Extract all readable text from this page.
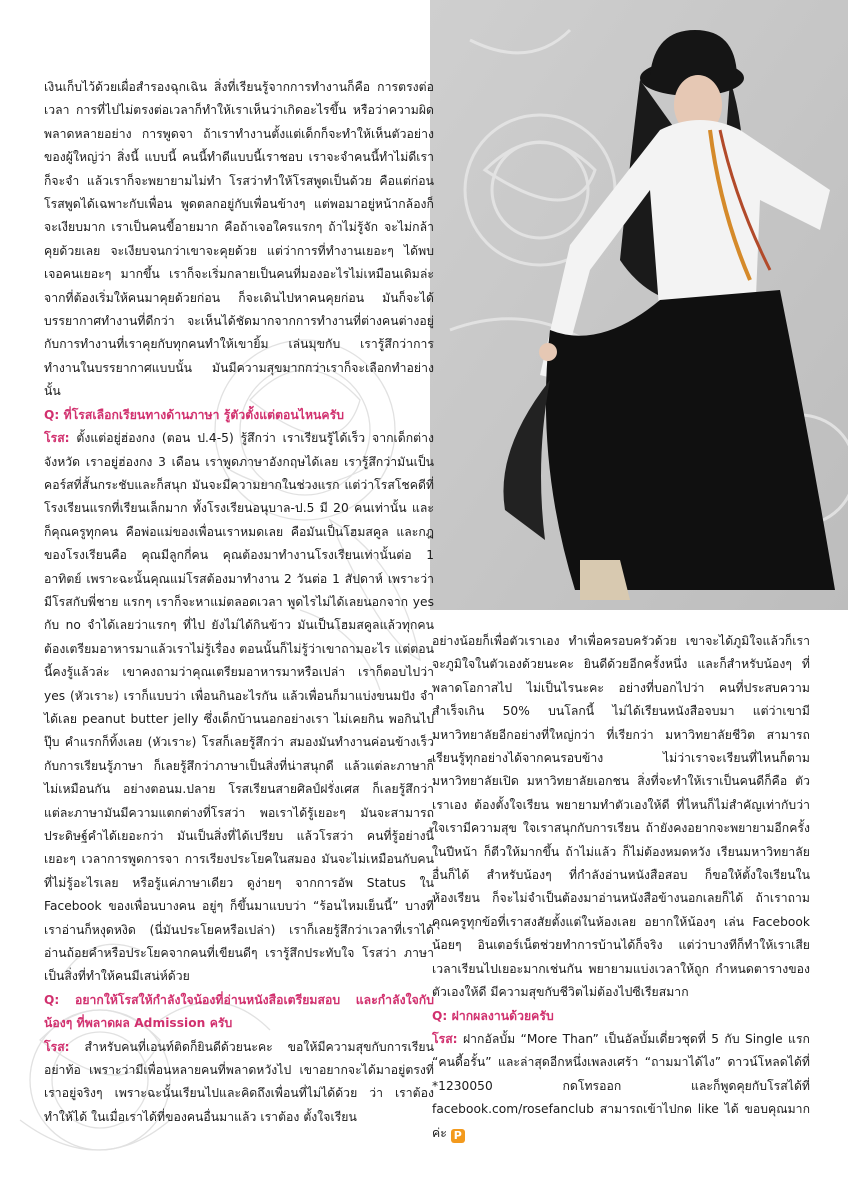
เงินเก็บไว้ด้วยเผื่อสำรองฉุกเฉิน สิ่งที่เรียนรู้จากการทำงานก็คือ การตรงต่อเวลา การที่ไปไม่ตรงต่อเวลาก็ทำให้เราเห็นว่าเกิดอะไรขึ้น หรือว่าความผิดพลาดหลายอย่าง การพูดจา ถ้าเราทำงานตั้งแต่เด็กก็จะทำให้เห็นตัวอย่างของผู้ใหญ่ว่า สิ่งนี้ แบบนี้ คนนี้ทำดีแบบนี้เราชอบ เราจะจำคนนี้ทำไม่ดีเราก็จะจำ แล้วเราก็จะพยายามไม่ทำ โรสว่าทำให้โรสพูดเป็นด้วย คือแต่ก่อนโรสพูดได้เฉพาะกับเพื่อน พูดตลกอยู่กับเพื่อนข้างๆ แต่พอมาอยู่หน้ากล้องก็จะเงียบมาก เราเป็นคนขี้อายมาก คือถ้าเจอใครแรกๆ ถ้าไม่รู้จัก จะไม่กล้าคุยด้วยเลย จะเงียบจนกว่าเขาจะคุยด้วย แต่ว่าการที่ทำงานเยอะๆ ได้พบเจอคนเยอะๆ มากขึ้น เราก็จะเริ่มกลายเป็นคนที่มองอะไรไม่เหมือนเดิมล่ะ จากที่ต้องเริ่มให้คนมาคุยด้วยก่อน ก็จะเดินไปหาคนคุยก่อน มันก็จะได้บรรยากาศทำงานที่ดีกว่า จะเห็นได้ชัดมากจากการทำงานที่ต่างคนต่างอยู่กับการทำงานที่เราคุยกับทุกคนทำให้เขายิ้ม เล่นมุขกับ เรารู้สึกว่าการทำงานในบรรยากาศแบบนั้น มันมีความสุขมากกว่าเราก็จะเลือกทำอย่างนั้น

Q: ที่โรสเลือกเรียนทางด้านภาษา รู้ตัวตั้งแต่ตอนไหนครับ

โรส: ตั้งแต่อยู่ฮ่องกง (ตอน ป.4-5) รู้สึกว่า เราเรียนรู้ได้เร็ว จากเด็กต่างจังหวัด เราอยู่ฮ่องกง 3 เดือน เราพูดภาษาอังกฤษได้เลย เรารู้สึกว่ามันเป็นคอร์สที่สั้นกระชับและก็สนุก มันจะมีความยากในช่วงแรก แต่ว่าโรสโชคดีที่โรงเรียนแรกที่เรียนเล็กมาก ทั้งโรงเรียนอนุบาล-ป.5 มี 20 คนเท่านั้น และก็คุณครูทุกคน คือพ่อแม่ของเพื่อนเราหมดเลย คือมันเป็นโฮมสคูล และกฎของโรงเรียนคือ คุณมีลูกกี่คน คุณต้องมาทำงานโรงเรียนเท่านั้นต่อ 1 อาทิตย์ เพราะฉะนั้นคุณแม่โรสต้องมาทำงาน 2 วันต่อ 1 สัปดาห์ เพราะว่ามีโรสกับพี่ชาย แรกๆ เราก็จะหาแม่ตลอดเวลา พูดไรไม่ได้เลยนอกจาก yes กับ no จำได้เลยว่าแรกๆ ที่ไป ยังไม่ได้กินข้าว มันเป็นโฮมสคูลแล้วทุกคนต้องเตรียมอาหารมาแล้วเราไม่รู้เรื่อง ตอนนั้นก็ไม่รู้ว่าเขาถามอะไร แต่ตอนนี้คงรู้แล้วล่ะ เขาคงถามว่าคุณเตรียมอาหารมาหรือเปล่า เราก็ตอบไปว่า yes (หัวเราะ) เราก็แบบว่า เพื่อนกินอะไรกัน แล้วเพื่อนก็มาแบ่งขนมปัง จำได้เลย peanut butter jelly ซึ่งเด็กบ้านนอกอย่างเรา ไม่เคยกิน พอกินไปปุ๊บ คำแรกก็ทิ้งเลย (หัวเราะ) โรสก็เลยรู้สึกว่า สมองมันทำงานค่อนข้างเร็วกับการเรียนรู้ภาษา ก็เลยรู้สึกว่าภาษาเป็นสิ่งที่น่าสนุกดี แล้วแต่ละภาษาก็ไม่เหมือนกัน อย่างตอนม.ปลาย โรสเรียนสายศิลป์ฝรั่งเศส ก็เลยรู้สึกว่าแต่ละภาษามันมีความแตกต่างที่โรสว่า พอเราได้รู้เยอะๆ มันจะสามารถประดิษฐ์คำได้เยอะกว่า มันเป็นสิ่งที่ได้เปรียบ แล้วโรสว่า คนที่รู้อย่างนี้เยอะๆ เวลาการพูดการจา การเรียงประโยคในสมอง มันจะไม่เหมือนกับคนที่ไม่รู้อะไรเลย หรือรู้แค่ภาษาเดียว ดูง่ายๆ จากการอัพ Status ใน Facebook ของเพื่อนบางคน อยู่ๆ ก็ขึ้นมาแบบว่า “ร้อนไหมเย็นนี้” บางทีเราอ่านก็หงุดหงิด (นี่มันประโยคหรือเปล่า) เราก็เลยรู้สึกว่าเวลาที่เราได้อ่านถ้อยคำหรือประโยคจากคนที่เขียนดีๆ เรารู้สึกประทับใจ โรสว่า ภาษาเป็นสิ่งที่ทำให้คนมีเสน่ห์ด้วย

Q: อยากให้โรสให้กำลังใจน้องที่อ่านหนังสือเตรียมสอบ และกำลังใจกับน้องๆ ที่พลาดผล Admission ครับ

โรส: สำหรับคนที่เอนท์ติดก็ยินดีด้วยนะคะ ขอให้มีความสุขกับการเรียน อย่าท้อ เพราะว่ามีเพื่อนหลายคนที่พลาดหวังไป เขาอยากจะได้มาอยู่ตรงที่เราอยู่จริงๆ เพราะฉะนั้นเรียนไปและคิดถึงเพื่อนที่ไม่ได้ด้วย ว่า เราต้องทำให้ได้ ในเมื่อเราได้ที่ของคนอื่นมาแล้ว เราต้อง ตั้งใจเรียน

อย่างน้อยก็เพื่อตัวเราเอง ทำเพื่อครอบครัวด้วย เขาจะได้ภูมิใจแล้วก็เราจะภูมิใจในตัวเองด้วยนะคะ ยินดีด้วยอีกครั้งหนึ่ง และก็สำหรับน้องๆ ที่พลาดโอกาสไป ไม่เป็นไรนะคะ อย่างที่บอกไปว่า คนที่ประสบความสำเร็จเกิน 50% บนโลกนี้ ไม่ได้เรียนหนังสือจบมา แต่ว่าเขามีมหาวิทยาลัยอีกอย่างที่ใหญ่กว่า ที่เรียกว่า มหาวิทยาลัยชีวิต สามารถเรียนรู้ทุกอย่างได้จากคนรอบข้าง ไม่ว่าเราจะเรียนที่ไหนก็ตาม มหาวิทยาลัยเปิด มหาวิทยาลัยเอกชน สิ่งที่จะทำให้เราเป็นคนดีก็คือ ตัวเราเอง ต้องตั้งใจเรียน พยายามทำตัวเองให้ดี ที่ไหนก็ไม่สำคัญเท่ากับว่าใจเรามีความสุข ใจเราสนุกกับการเรียน ถ้ายังคงอยากจะพยายามอีกครั้งในปีหน้า ก็ตีวให้มากขึ้น ถ้าไม่แล้ว ก็ไม่ต้องหมดหวัง เรียนมหาวิทยาลัยอื่นก็ได้ สำหรับน้องๆ ที่กำลังอ่านหนังสือสอบ ก็ขอให้ตั้งใจเรียนในห้องเรียน ก็จะไม่จำเป็นต้องมาอ่านหนังสือข้างนอกเลยก็ได้ ถ้าเราถามคุณครูทุกข้อที่เราสงสัยตั้งแต่ในห้องเลย อยากให้น้องๆ เล่น Facebook น้อยๆ อินเตอร์เน็ตช่วยทำการบ้านได้ก็จริง แต่ว่าบางทีก็ทำให้เราเสียเวลาเรียนไปเยอะมากเช่นกัน พยายามแบ่งเวลาให้ถูก กำหนดตารางของตัวเองให้ดี มีความสุขกับชีวิตไม่ต้องไปซีเรียสมาก

Q: ฝากผลงานด้วยครับ

โรส: ฝากอัลบั้ม “More Than” เป็นอัลบั้มเดี่ยวชุดที่ 5 กับ Single แรก “คนดี้อรั้น” และล่าสุดอีกหนึ่งเพลงเศร้า “ถามมาได้ไง” ดาวน์โหลดได้ที่ *1230050 กดโทรออก และก็พูดคุยกับโรสได้ที่ facebook.com/rosefanclub สามารถเข้าไปกด like ได้ ขอบคุณมากค่ะ P
